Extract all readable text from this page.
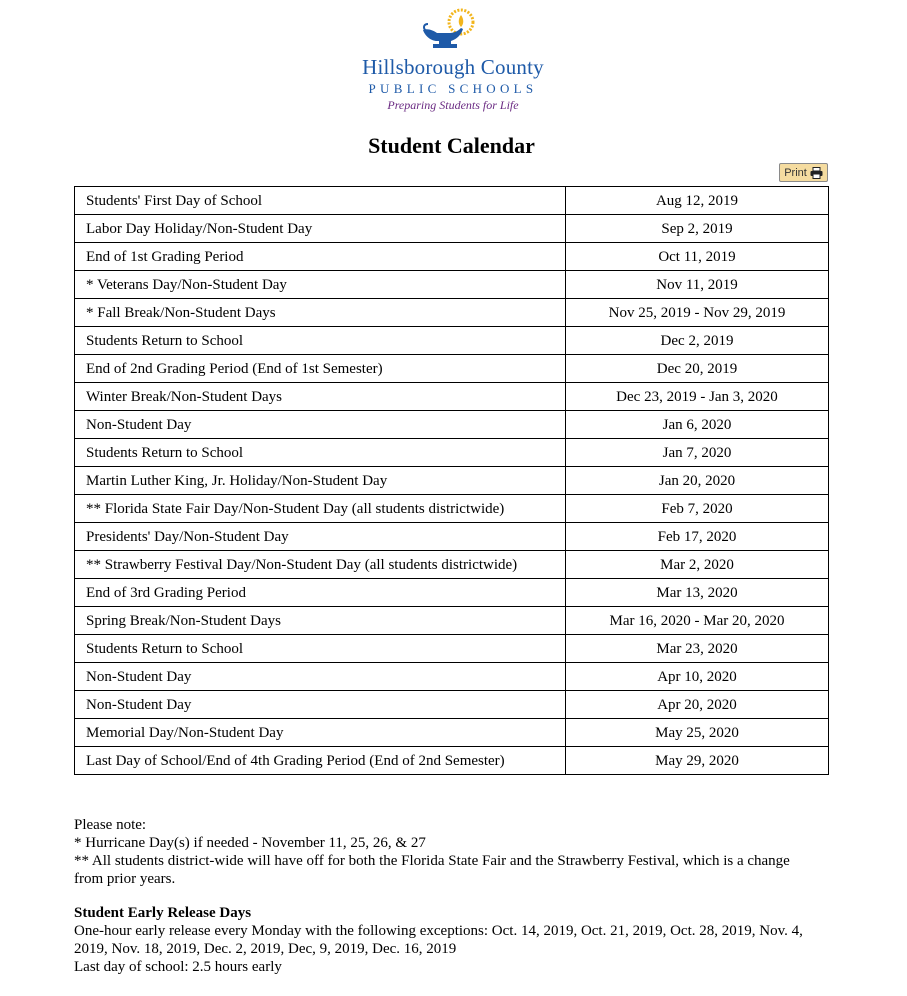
Hillsborough County
PUBLIC SCHOOLS
Preparing Students for Life
Student Calendar
Print
Students' First Day of School	Aug 12, 2019
Labor Day Holiday/Non-Student Day	Sep 2, 2019
End of 1st Grading Period	Oct 11, 2019
* Veterans Day/Non-Student Day	Nov 11, 2019
* Fall Break/Non-Student Days	Nov 25, 2019 - Nov 29, 2019
Students Return to School	Dec 2, 2019
End of 2nd Grading Period (End of 1st Semester)	Dec 20, 2019
Winter Break/Non-Student Days	Dec 23, 2019 - Jan 3, 2020
Non-Student Day	Jan 6, 2020
Students Return to School	Jan 7, 2020
Martin Luther King, Jr. Holiday/Non-Student Day	Jan 20, 2020
** Florida State Fair Day/Non-Student Day (all students districtwide)	Feb 7, 2020
Presidents' Day/Non-Student Day	Feb 17, 2020
** Strawberry Festival Day/Non-Student Day (all students districtwide)	Mar 2, 2020
End of 3rd Grading Period	Mar 13, 2020
Spring Break/Non-Student Days	Mar 16, 2020 - Mar 20, 2020
Students Return to School	Mar 23, 2020
Non-Student Day	Apr 10, 2020
Non-Student Day	Apr 20, 2020
Memorial Day/Non-Student Day	May 25, 2020
Last Day of School/End of 4th Grading Period (End of 2nd Semester)	May 29, 2020

Please note:

* Hurricane Day(s) if needed - November 11, 25, 26, & 27

** All students district-wide will have off for both the Florida State Fair and the Strawberry Festival, which is a change from prior years.

Student Early Release Days

One-hour early release every Monday with the following exceptions: Oct. 14, 2019, Oct. 21, 2019, Oct. 28, 2019, Nov. 4, 2019, Nov. 18, 2019, Dec. 2, 2019, Dec, 9, 2019, Dec. 16, 2019

Last day of school: 2.5 hours early
